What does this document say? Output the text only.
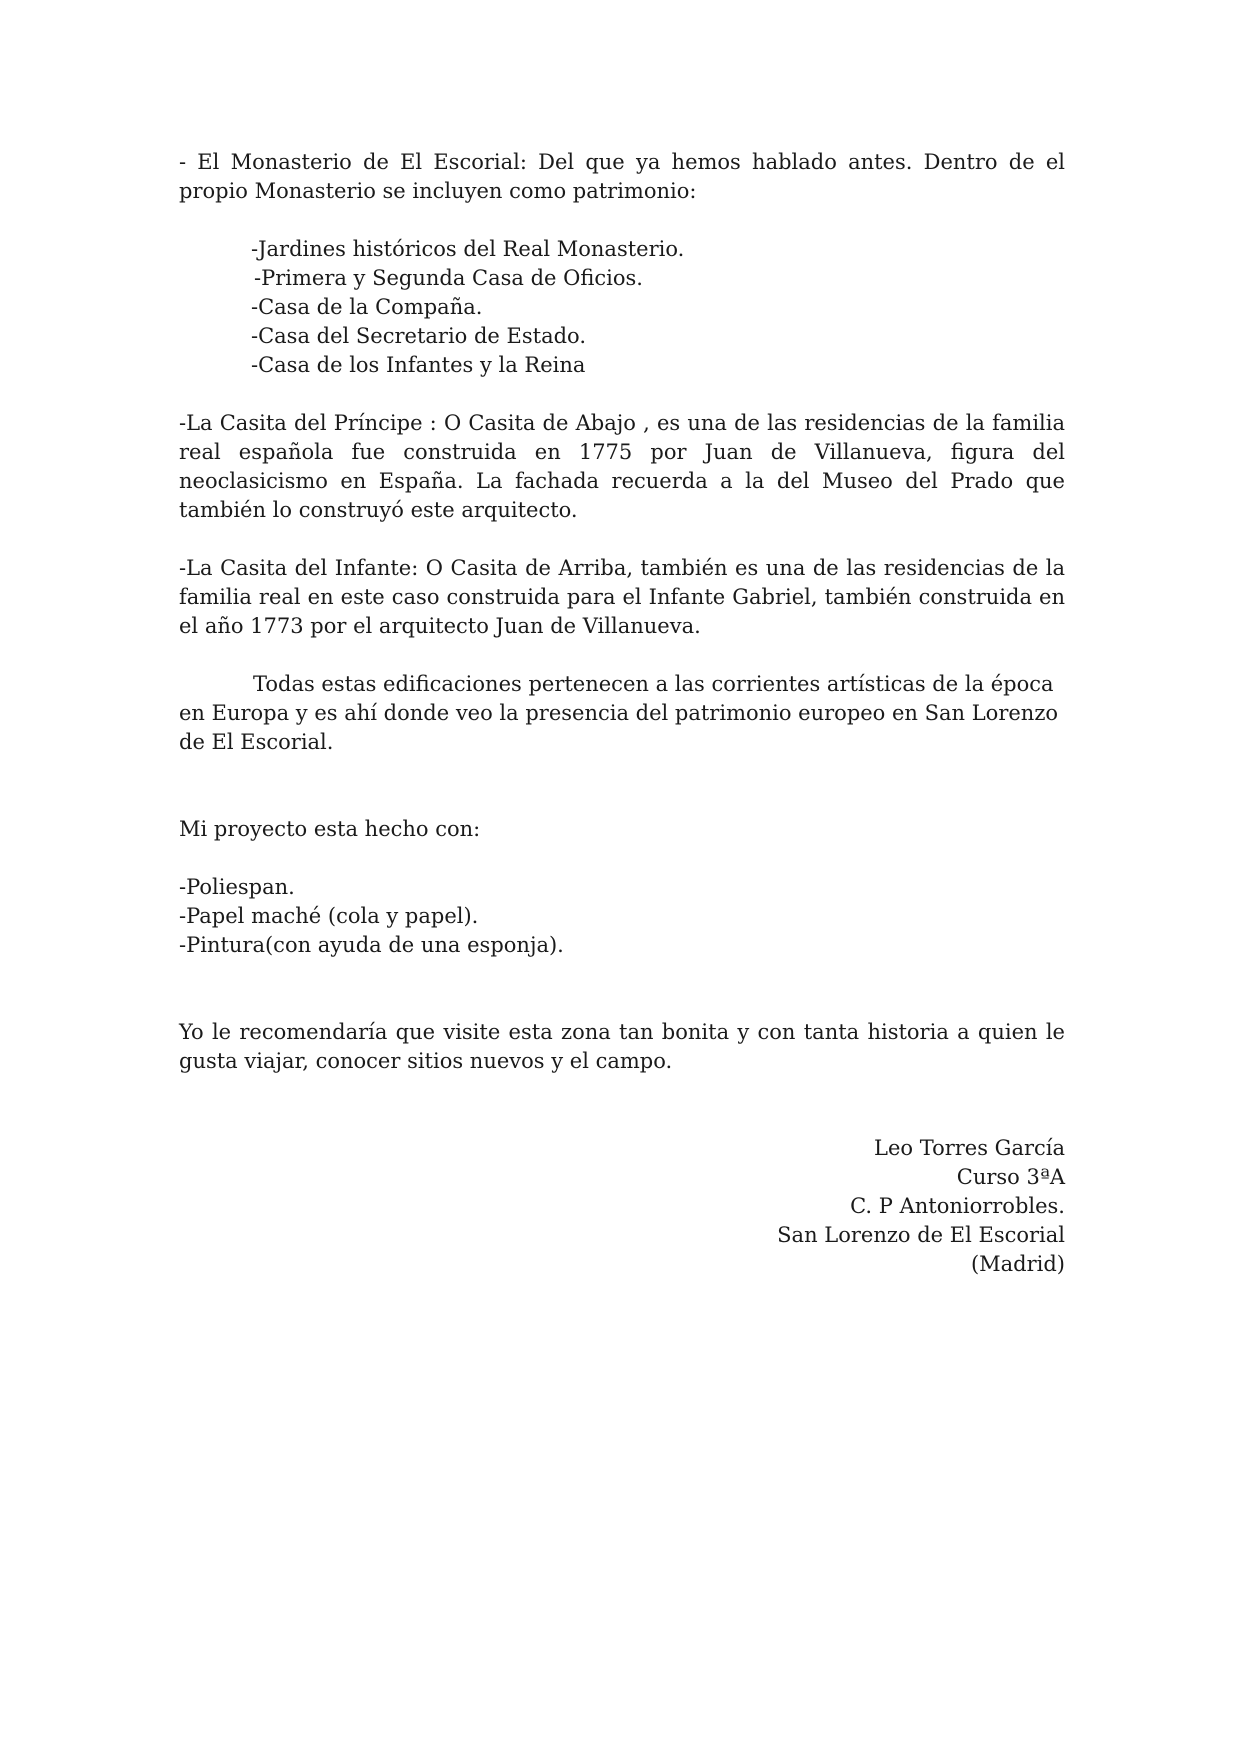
- El Monasterio de El Escorial: Del que ya hemos hablado antes. Dentro de el propio Monasterio se incluyen como patrimonio:

-Jardines históricos del Real Monasterio.
-Primera y Segunda Casa de Oficios.
-Casa de la Compaña.
-Casa del Secretario de Estado.
-Casa de los Infantes y la Reina

-La Casita del Príncipe : O Casita de Abajo , es una de las residencias de la familia real española fue construida en 1775 por Juan de Villanueva, figura del neoclasicismo en España. La fachada recuerda a la del Museo del Prado que también lo construyó este arquitecto.

-La Casita del Infante: O Casita de Arriba, también es una de las residencias de la familia real en este caso construida para el Infante Gabriel, también construida en el año 1773 por el arquitecto Juan de Villanueva.

Todas estas edificaciones pertenecen a las corrientes artísticas de la época en Europa y es ahí donde veo la presencia del patrimonio europeo en San Lorenzo de El Escorial.

Mi proyecto esta hecho con:

-Poliespan.
-Papel maché (cola y papel).
-Pintura(con ayuda de una esponja).

Yo le recomendaría que visite esta zona tan bonita y con tanta historia a quien le gusta viajar, conocer sitios nuevos y el campo.

Leo Torres García
Curso 3ªA
C. P Antoniorrobles.
San Lorenzo de El Escorial
(Madrid)
